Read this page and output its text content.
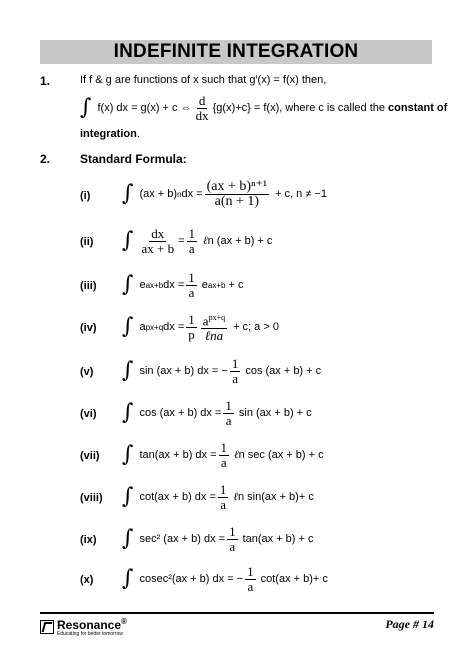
INDEFINITE INTEGRATION
1.	If f & g are functions of x such that g′(x) = f(x) then,
∫ f(x) dx = g(x) + c ⇔ $\frac{d}{dx} \{g(x)+c\} = f(x)$, where c is called the constant of
integration.
2. Standard Formula:
(i) ∫ (ax + b) n dx = $\frac{\text{(ax + b)ⁿ⁺¹}}{a(n + 1)} + c$, n ≠ −1
(ii) ∫ $\frac{dx}{ax + b} = \frac{1}{a}$ ℓ n (ax + b) + c
(iii) ∫ e ax+b dx = $\frac{1}{a}$ e ax+b + c
(iv) ∫ a px+q dx = $\frac{1}{p} \frac{a^{px+q}}{\text{ℓna}} + c$; a > 0
(v) ∫ sin (ax + b) dx = − $\frac{1}{a}$ cos (ax + b) + c
(vi) ∫ cos (ax + b) dx = $\frac{1}{a}$ sin (ax + b) + c
(vii) ∫ tan(ax + b) dx = $\frac{1}{a}$ ℓ n sec (ax + b) + c
(viii) ∫ cot(ax + b) dx = $\frac{1}{a}$ ℓ n sin(ax + b)+ c
(ix) ∫ sec² (ax + b) dx = $\frac{1}{a} \tan(ax + b) + c$
(x) ∫ cosec²(ax + b) dx = − $\frac{1}{a} \cot(ax + b)+ c$
Resonance®
Educating for better tomorrow
Page # 14
